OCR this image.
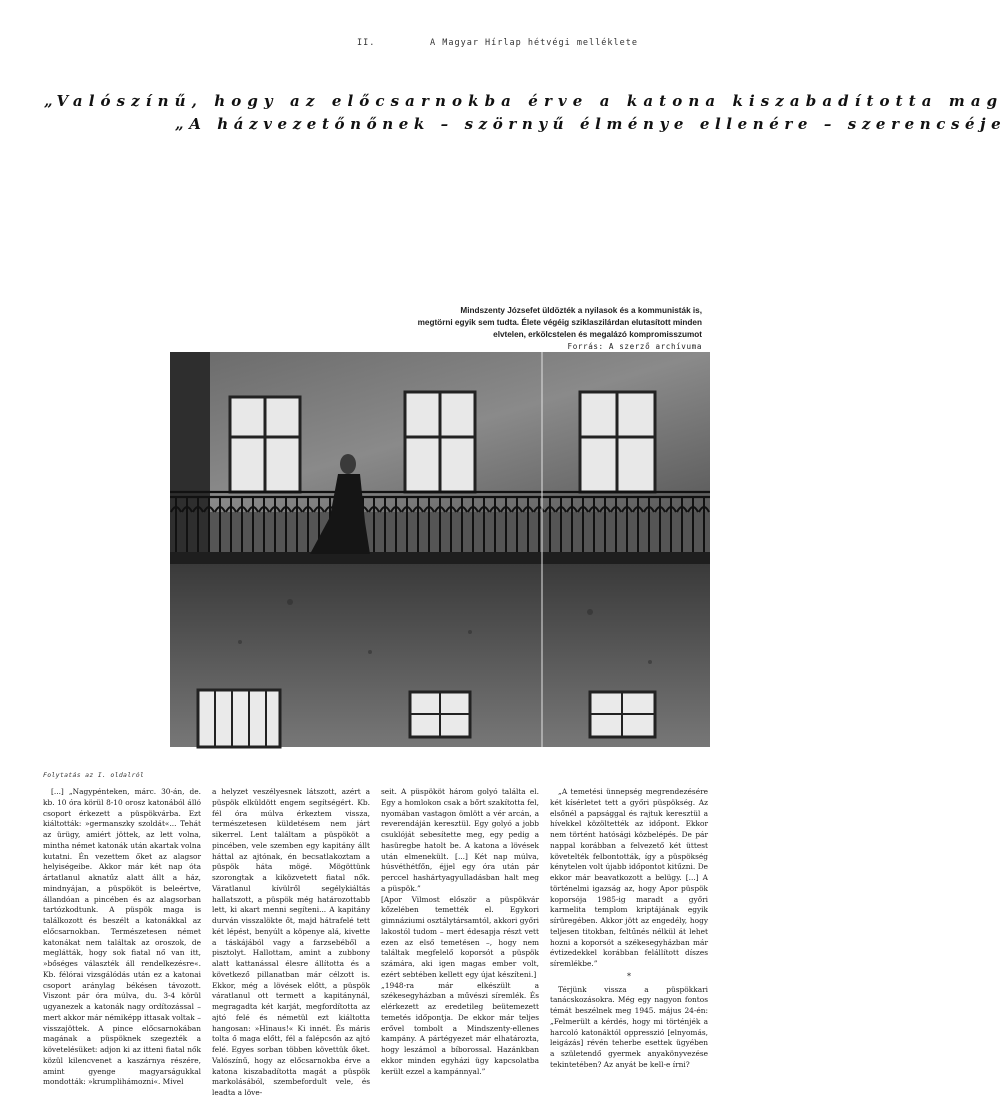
II.	A Magyar Hírlap hétvégi melléklete
„Valószínű, hogy az előcsarnokba érve a katona kiszabadította mag
„A házvezetőnőnek – szörnyű élménye ellenére – szerencséje
Mindszenty Józsefet üldözték a nyilasok és a kommunisták is,
megtörni egyik sem tudta. Élete végéig sziklaszilárdan elutasított minden
elvtelen, erkölcstelen és megalázó kompromisszumot
Forrás: A szerző archívuma
Folytatás az I. oldalról

[...] „Nagypénteken, márc. 30-án, de. kb. 10 óra körül 8-10 orosz katonából álló csoport érkezett a püspökvárba. Ezt kiáltották: »germanszky szoldát«... Tehát az ürügy, amiért jöttek, az lett volna, mintha német katonák után akartak volna kutatni. Én vezettem őket az alagsor helyiségeibe. Akkor már két nap óta ártatlanul aknatűz alatt állt a ház, mindnyájan, a püspököt is beleértve, állandóan a pincében és az alagsorban tartózkodtunk. A püspök maga is találkozott és beszélt a katonákkal az előcsarnokban. Természetesen német katonákat nem találtak az oroszok, de meglátták, hogy sok fiatal nő van itt, »bőséges választék áll rendelkezésre«. Kb. félórai vizsgálódás után ez a katonai csoport aránylag békésen távozott. Viszont pár óra múlva, du. 3-4 körül ugyanezek a katonák nagy ordítozással – mert akkor már némiképp ittasak voltak – visszajöttek. A pince előcsarnokában magának a püspöknek szegezték a követelésüket: adjon ki az itteni fiatal nők közül kilencvenet a kaszárnya részére, amint gyenge magyarságukkal mondották: »krumplihámozni«. Mivel

a helyzet veszélyesnek látszott, azért a püspök elküldött engem segítségért. Kb. fél óra múlva érkeztem vissza, természetesen küldetésem nem járt sikerrel. Lent találtam a püspököt a pincében, vele szemben egy kapitány állt háttal az ajtónak, én becsatlakoztam a püspök háta mögé. Mögöttünk szorongtak a kiközvetett fiatal nők. Váratlanul kívülről segélykiáltás hallatszott, a püspök még határozottabb lett, ki akart menni segíteni... A kapitány durván visszalökte őt, majd hátrafelé tett két lépést, benyúlt a köpenye alá, kivette a táskájából vagy a farzsebéből a pisztolyt. Hallottam, amint a zubbony alatt kattanással élesre állította és a következő pillanatban már célzott is. Ekkor, még a lövések előtt, a püspök váratlanul ott termett a kapitánynál, megragadta két karját, megfordította az ajtó felé és németül ezt kiáltotta hangosan: »Hinaus!« Ki innét. És máris tolta ő maga előtt, fél a falépcsőn az ajtó felé. Egyes sorban többen követtük őket. Valószínű, hogy az előcsarnokba érve a katona kiszabadította magát a püspök markolásából, szembefordult vele, és leadta a löve-

seit. A püspököt három golyó találta el. Egy a homlokon csak a bőrt szakította fel, nyomában vastagon ömlött a vér arcán, a reverendáján keresztül. Egy golyó a jobb csuklóját sebesítette meg, egy pedig a hasüregbe hatolt be. A katona a lövések után elmenekült. [...] Két nap múlva, húsvéthétfőn, éjjel egy óra után pár perccel hashártyagyulladásban halt meg a püspök.”
[Apor Vilmost először a püspökvár kőzelében temették el. Egykori gimnáziumi osztálytársamtól, akkori győri lakostól tudom – mert édesapja részt vett ezen az első temetésen –, hogy nem találtak megfelelő koporsót a püspök számára, aki igen magas ember volt, ezért sebtében kellett egy újat készíteni.]
„1948-ra már elkészült a székesegyházban a művészi síremlék. És elérkezett az eredetileg beütemezett temetés időpontja. De ekkor már teljes erővel tombolt a Mindszenty-ellenes kampány. A pártégyezet már elhatározta, hogy leszámol a bíborossal. Hazánkban ekkor minden egyházi ügy kapcsolatba került ezzel a kampánnyal.”

„A temetési ünnepség megrendezésére két kísérletet tett a győri püspökség. Az elsőnél a papsággal és rajtuk keresztül a hívekkel közöltették az időpont. Ekkor nem történt hatósági közbelépés. De pár nappal korábban a felvezető két üttest követelték felbontották, így a püspökség kénytelen volt újabb időpontot kitűzni. De ekkor már beavatkozott a belügy. [...] A történelmi igazság az, hogy Apor püspök koporsója 1985-ig maradt a győri karmelita templom kriptájának egyik sírüregében. Akkor jött az engedély, hogy teljesen titokban, feltűnés nélkül át lehet hozni a koporsót a székesegyházban már évtizedekkel korábban felállított díszes síremlékbe.”

*

Térjünk vissza a püspökkari tanácskozásokra. Még egy nagyon fontos témát beszélnek meg 1945. május 24-én: „Felmerült a kérdés, hogy mi történjék a harcoló katonáktól oppresszió [elnyomás, leigázás] révén teherbe esettek ügyében a születendő gyermek anyakönyvezése tekintetében? Az anyát be kell-e írni?
